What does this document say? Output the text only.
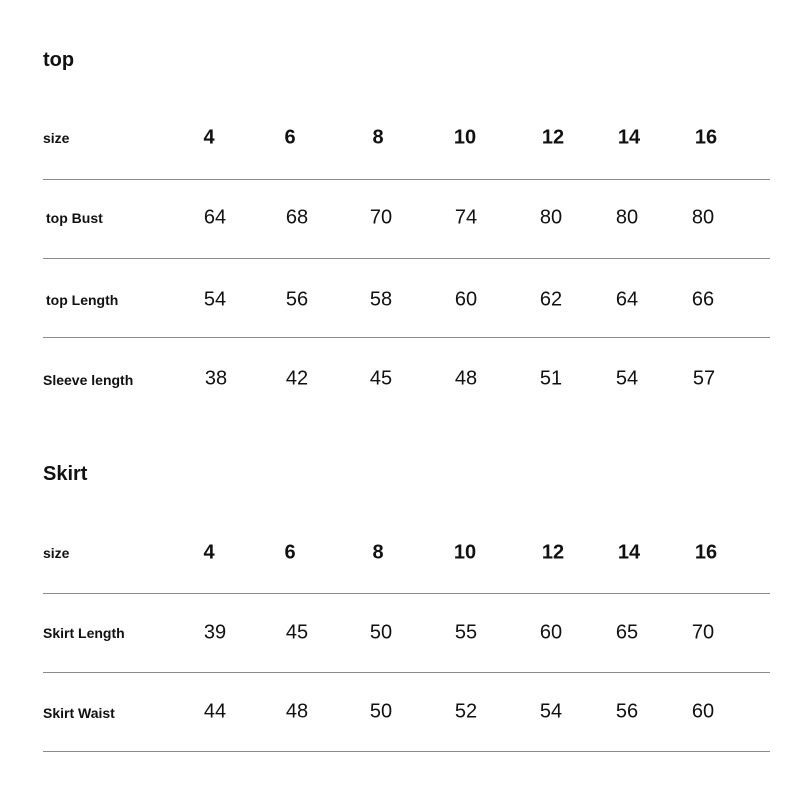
top
size	4	6	8	10	12	14	16
top Bust	64	68	70	74	80	80	80
top Length	54	56	58	60	62	64	66
Sleeve length	38	42	45	48	51	54	57
Skirt
size	4	6	8	10	12	14	16
Skirt Length	39	45	50	55	60	65	70
Skirt Waist	44	48	50	52	54	56	60
